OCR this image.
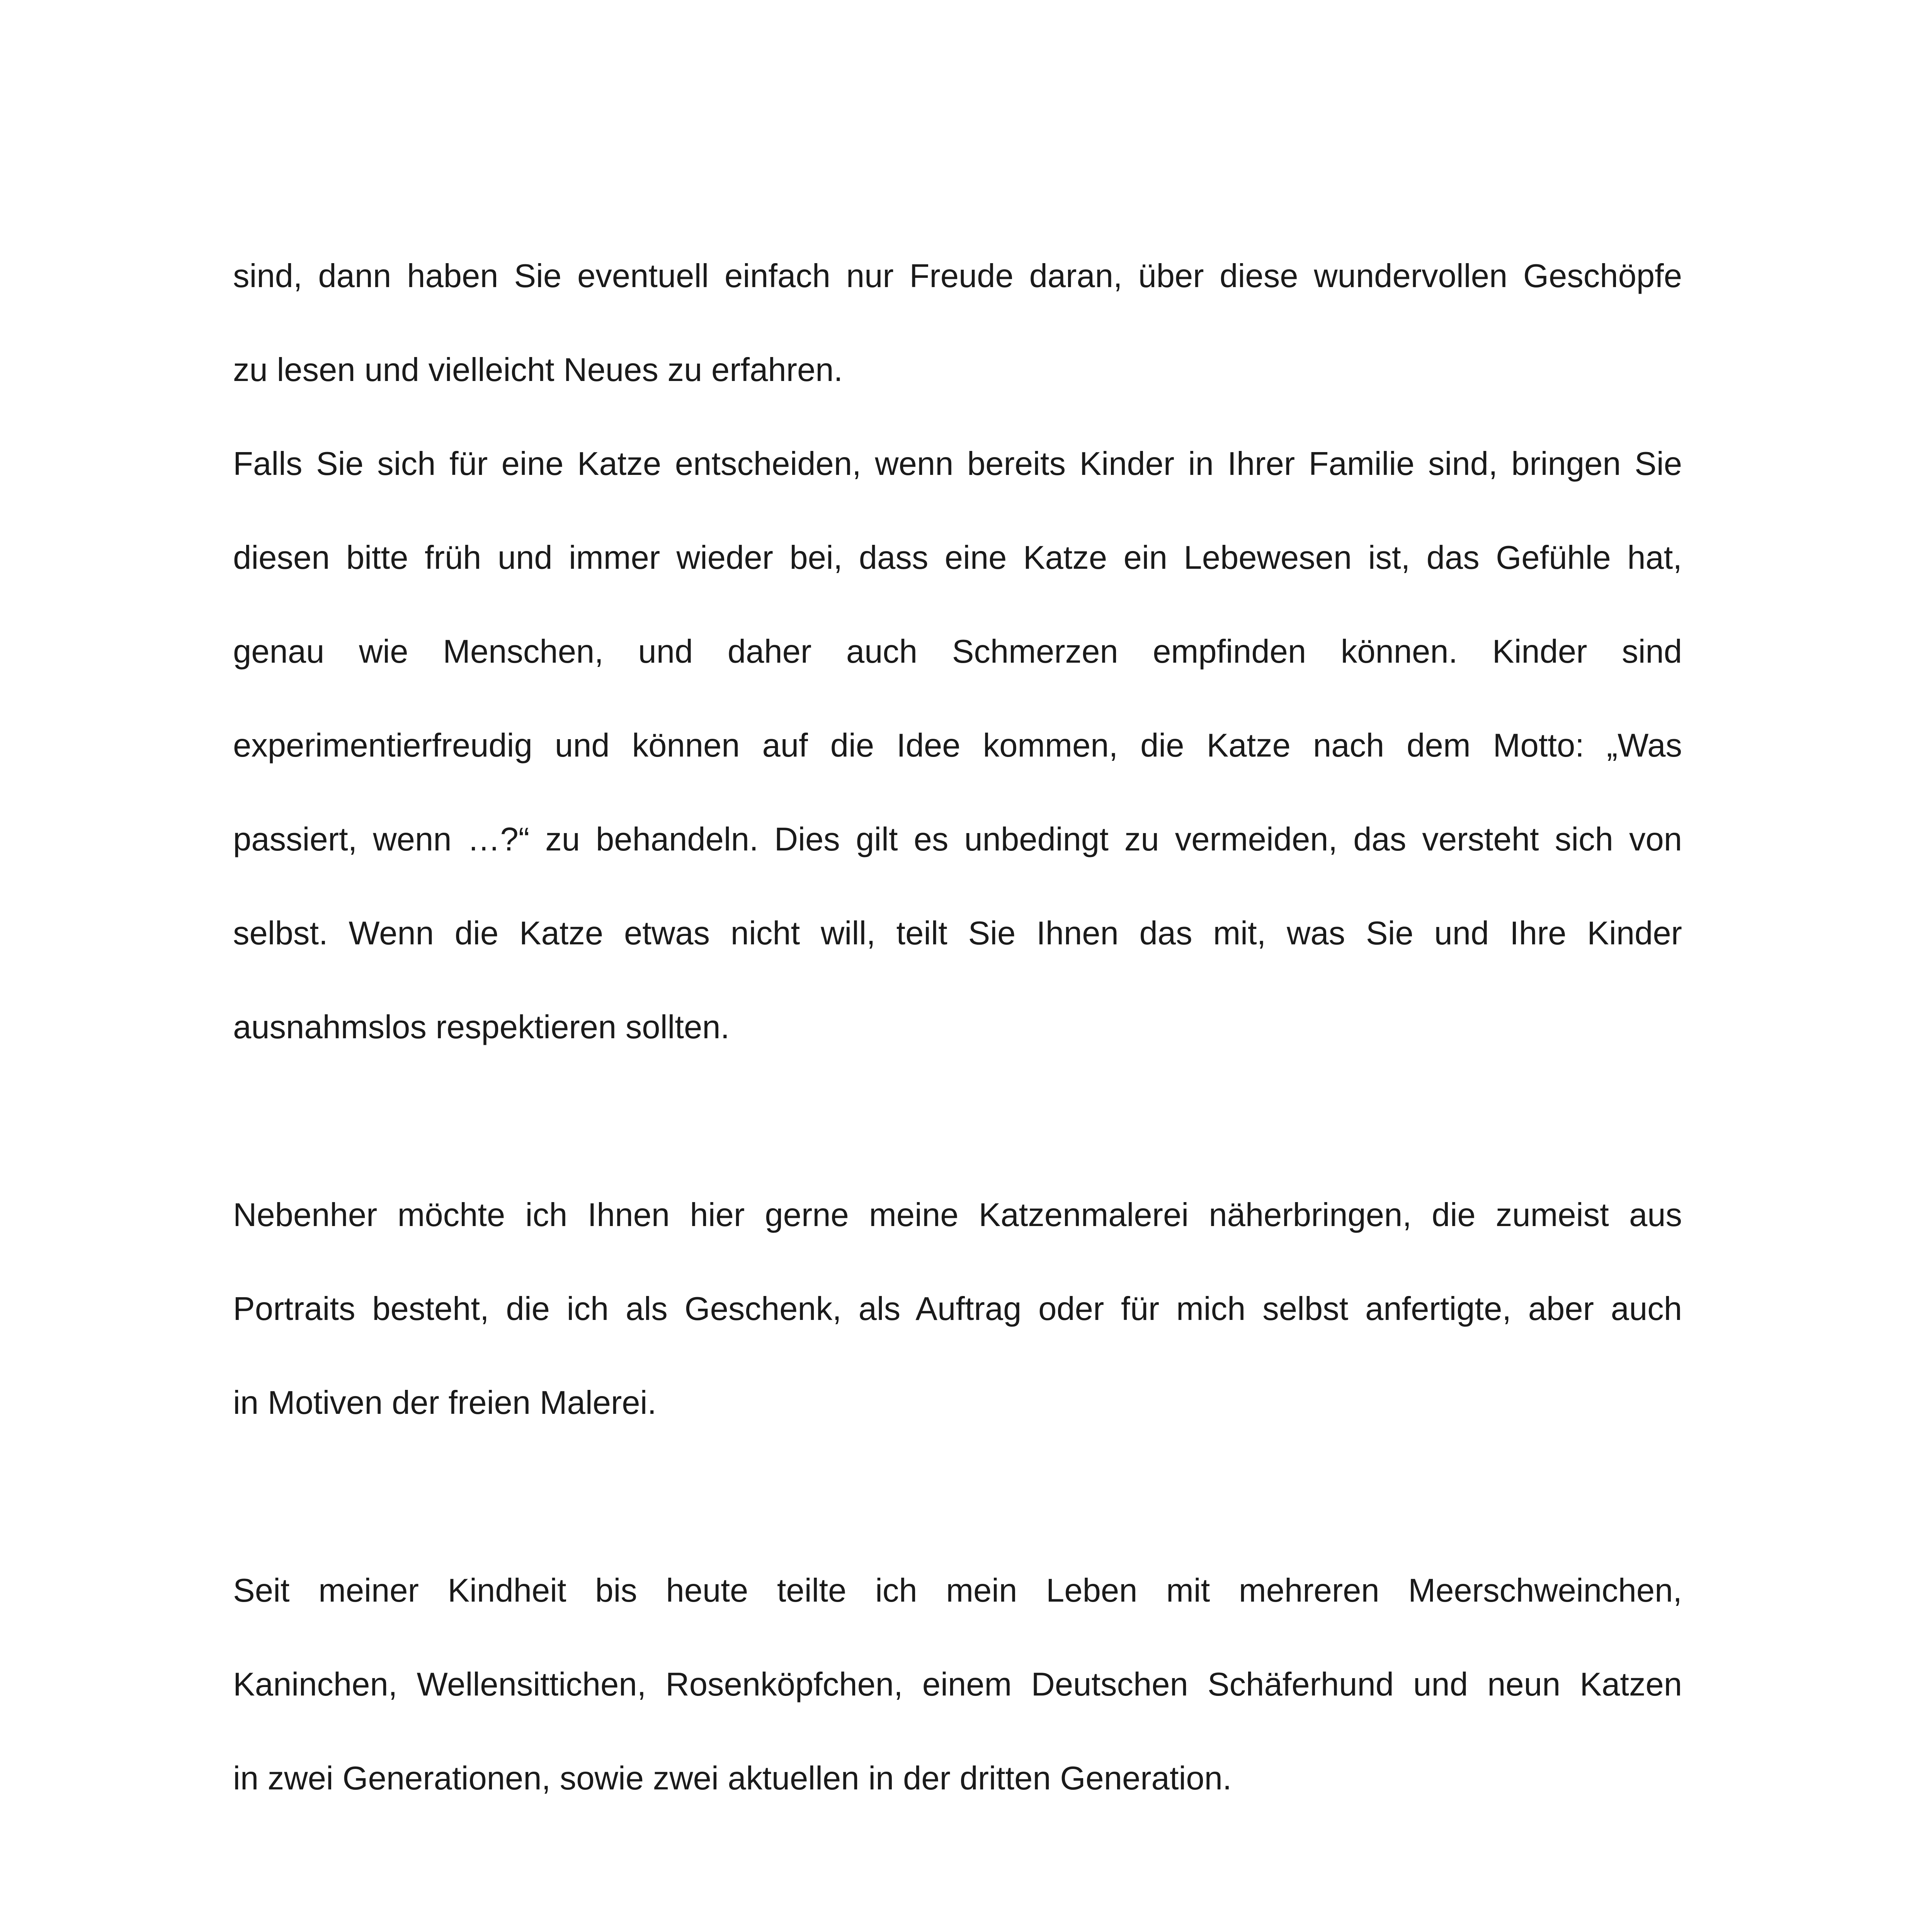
sind, dann haben Sie eventuell einfach nur Freude daran, über diese wundervollen Geschöpfe
zu lesen und vielleicht Neues zu erfahren.
Falls Sie sich für eine Katze entscheiden, wenn bereits Kinder in Ihrer Familie sind, bringen Sie
diesen bitte früh und immer wieder bei, dass eine Katze ein Lebewesen ist, das Gefühle hat,
genau wie Menschen, und daher auch Schmerzen empfinden können. Kinder sind
experimentierfreudig und können auf die Idee kommen, die Katze nach dem Motto: „Was
passiert, wenn …?“ zu behandeln. Dies gilt es unbedingt zu vermeiden, das versteht sich von
selbst. Wenn die Katze etwas nicht will, teilt Sie Ihnen das mit, was Sie und Ihre Kinder
ausnahmslos respektieren sollten.
Nebenher möchte ich Ihnen hier gerne meine Katzenmalerei näherbringen, die zumeist aus
Portraits besteht, die ich als Geschenk, als Auftrag oder für mich selbst anfertigte, aber auch
in Motiven der freien Malerei.
Seit meiner Kindheit bis heute teilte ich mein Leben mit mehreren Meerschweinchen,
Kaninchen, Wellensittichen, Rosenköpfchen, einem Deutschen Schäferhund und neun Katzen
in zwei Generationen, sowie zwei aktuellen in der dritten Generation.
